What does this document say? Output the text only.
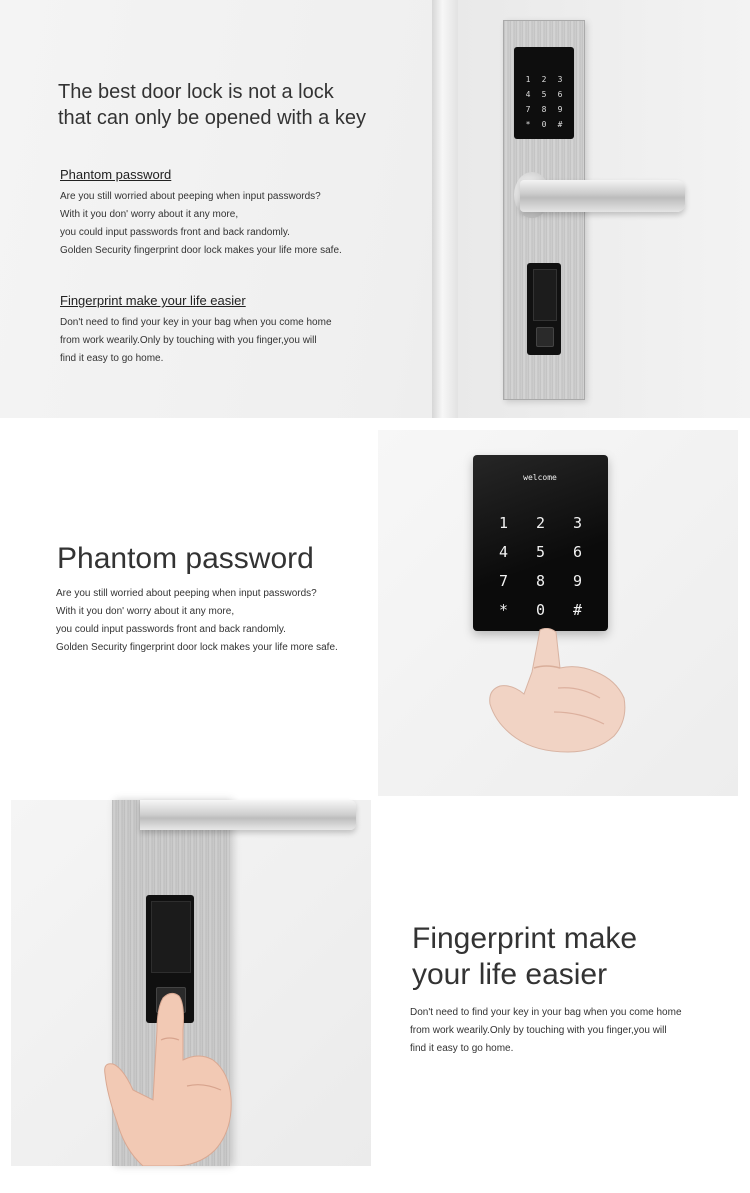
1	2	3
4	5	6
7	8	9
*	0	#
The best door lock is not a lock
that can only be opened with a key
Phantom password
Are you still worried about peeping when input passwords?
With it you don' worry about it any more,
you could input passwords front and back randomly.
Golden Security fingerprint door lock makes your life more safe.
Fingerprint make your life easier
Don't need to find your key in your bag when you come home
from work wearily.Only by touching with you finger,you will
find it easy to go home.
Phantom password
Are you still worried about peeping when input passwords?
With it you don' worry about it any more,
you could input passwords front and back randomly.
Golden Security fingerprint door lock makes your life more safe.
welcome
1	2	3
4	5	6
7	8	9
*	0	#
Fingerprint make
your life easier
Don't need to find your key in your bag when you come home
from work wearily.Only by touching with you finger,you will
find it easy to go home.
